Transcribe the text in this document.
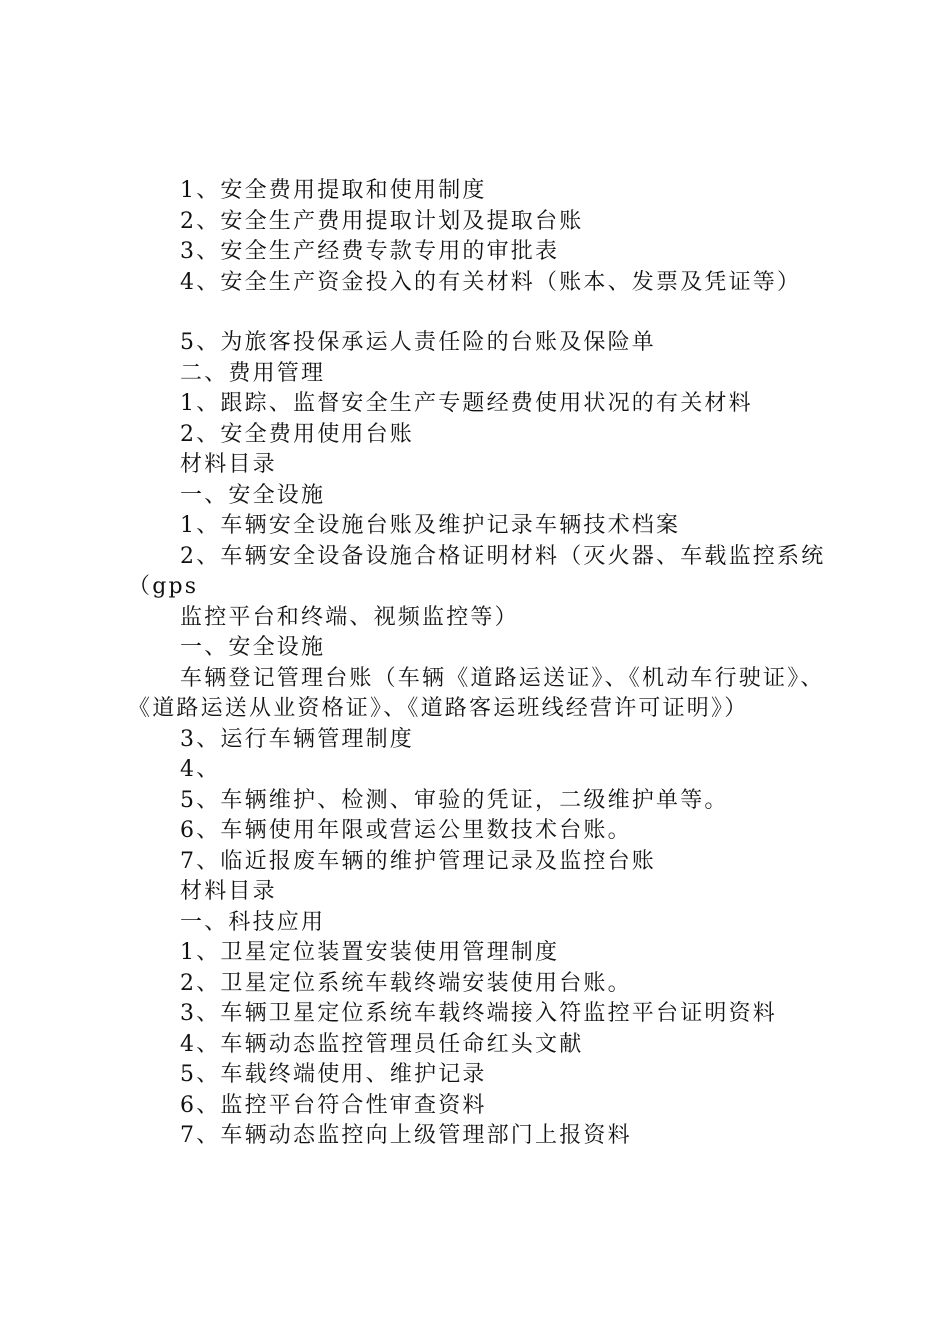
1、安全费用提取和使用制度

2、安全生产费用提取计划及提取台账

3、安全生产经费专款专用的审批表

4、安全生产资金投入的有关材料（账本、发票及凭证等）

5、为旅客投保承运人责任险的台账及保险单

二、费用管理

1、跟踪、监督安全生产专题经费使用状况的有关材料

2、安全费用使用台账

材料目录

一、安全设施

1、车辆安全设施台账及维护记录车辆技术档案

2、车辆安全设备设施合格证明材料（灭火器、车载监控系统（gps

监控平台和终端、视频监控等）

一、安全设施

车辆登记管理台账（车辆《道路运送证》、《机动车行驶证》、《道路运送从业资格证》、《道路客运班线经营许可证明》）

3、运行车辆管理制度

4、

5、车辆维护、检测、审验的凭证，二级维护单等。

6、车辆使用年限或营运公里数技术台账。

7、临近报废车辆的维护管理记录及监控台账

材料目录

一、科技应用

1、卫星定位装置安装使用管理制度

2、卫星定位系统车载终端安装使用台账。

3、车辆卫星定位系统车载终端接入符监控平台证明资料

4、车辆动态监控管理员任命红头文献

5、车载终端使用、维护记录

6、监控平台符合性审查资料

7、车辆动态监控向上级管理部门上报资料
